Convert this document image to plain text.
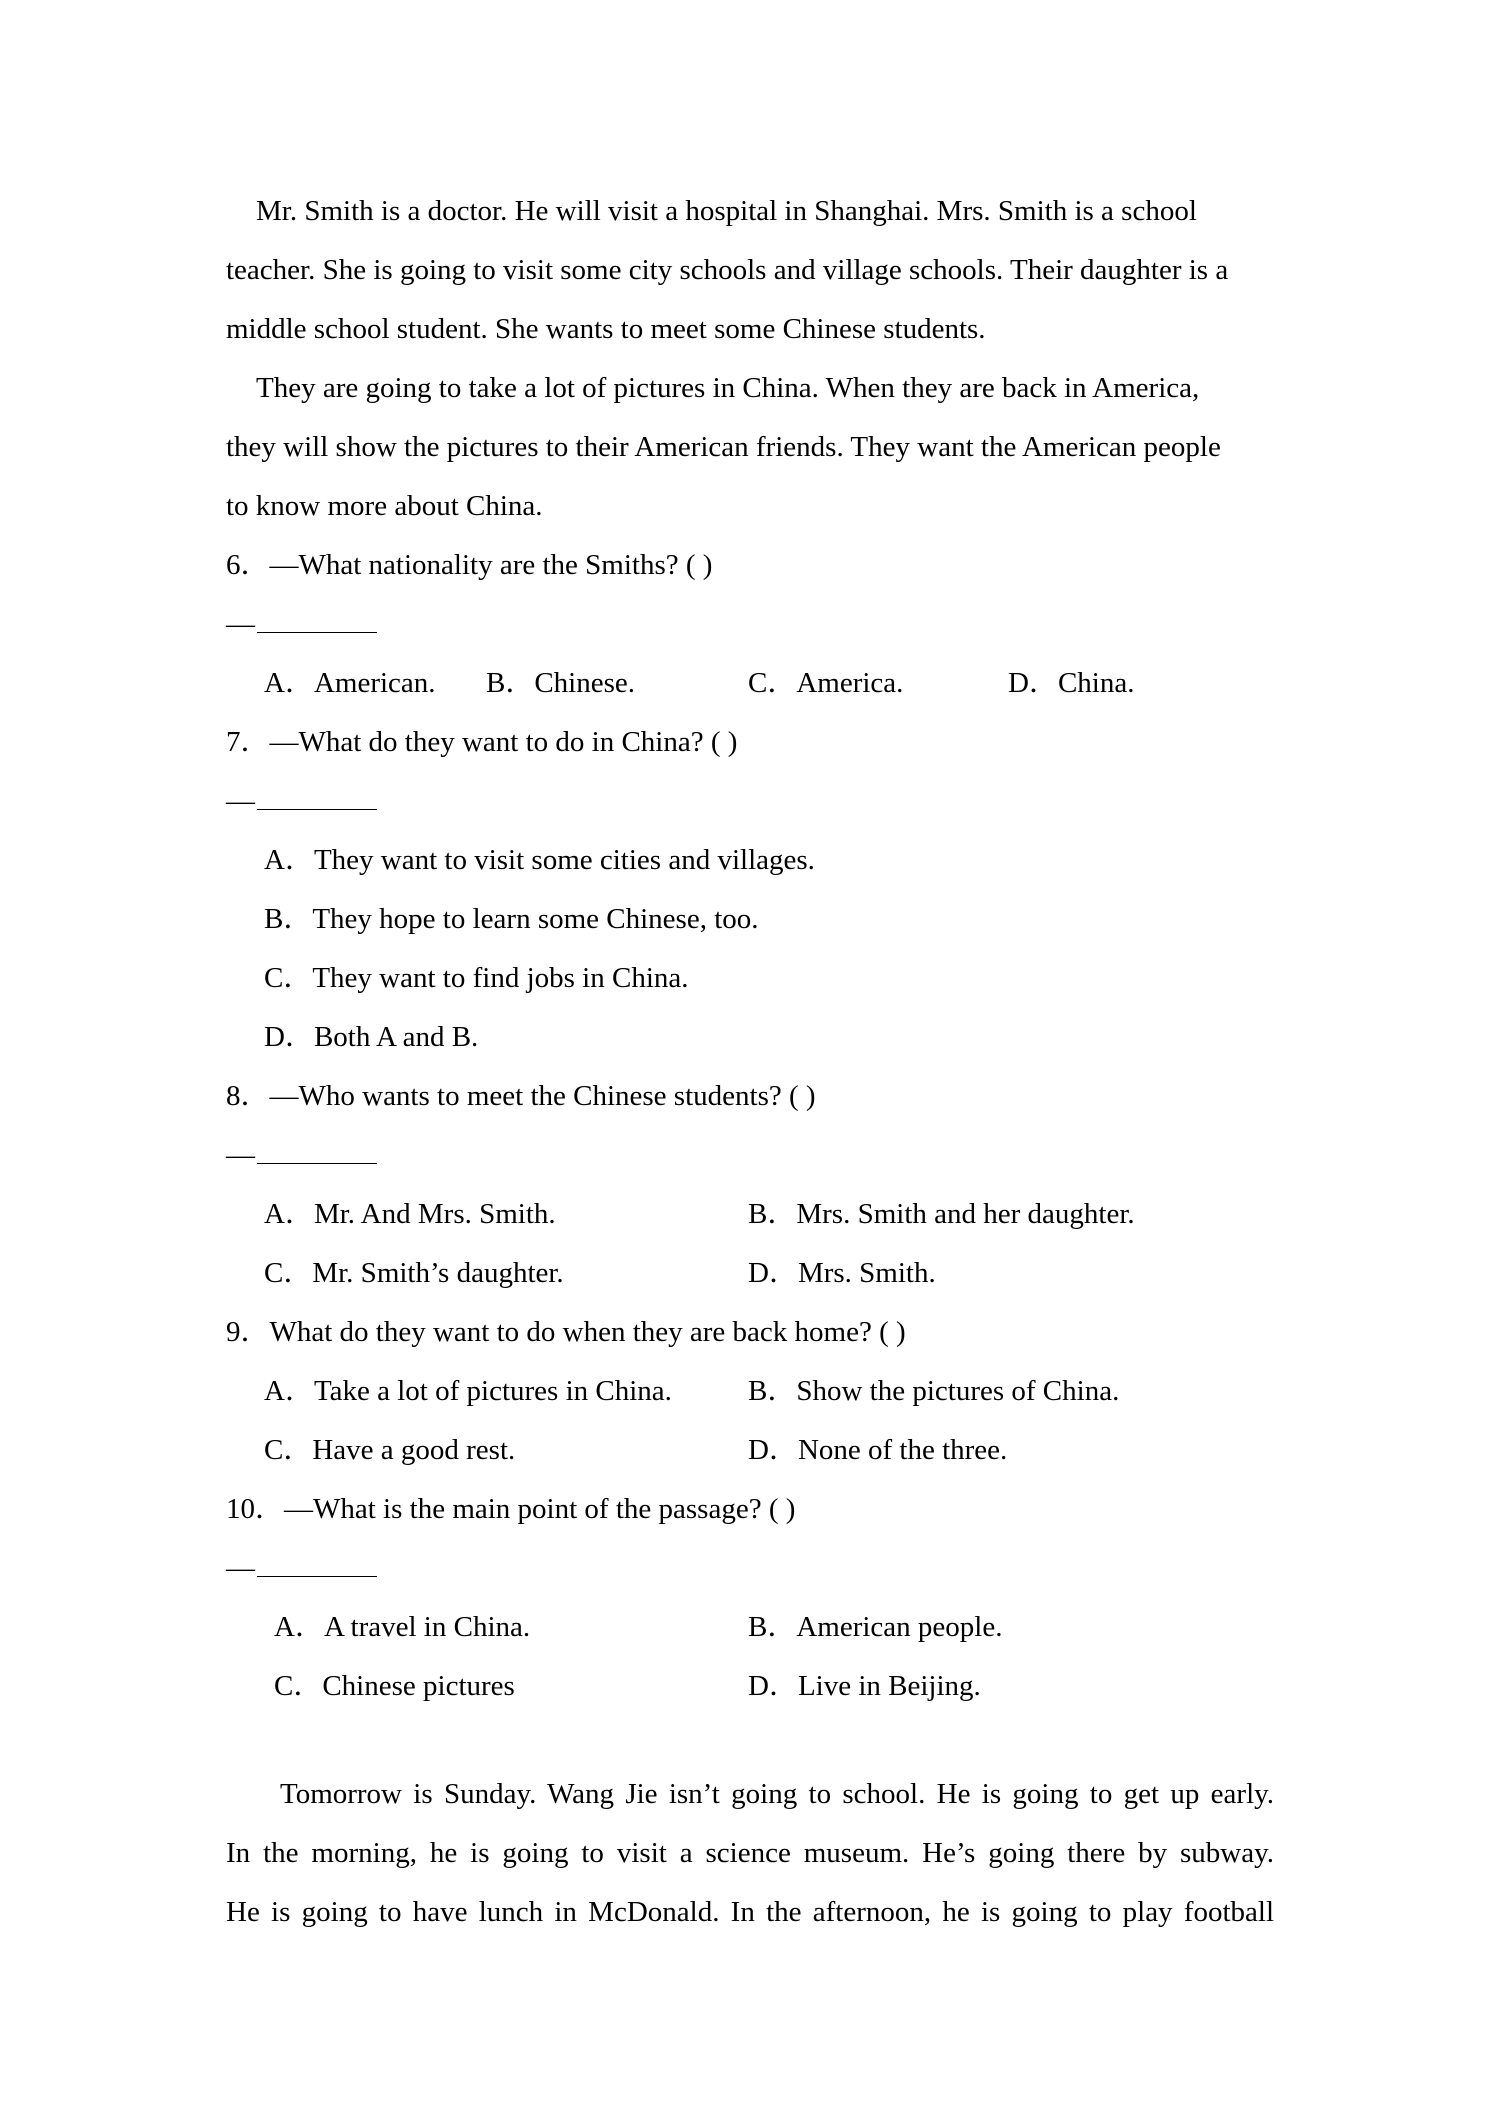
Mr. Smith is a doctor. He will visit a hospital in Shanghai. Mrs. Smith is a school
teacher. She is going to visit some city schools and village schools. Their daughter is a
middle school student. She wants to meet some Chinese students.
They are going to take a lot of pictures in China. When they are back in America,
they will show the pictures to their American friends. They want the American people
to know more about China.
6．—What nationality are the Smiths? ( )
—
A．American. B．Chinese.	C．America.	D．China.
7．—What do they want to do in China? ( )
—
A．They want to visit some cities and villages.
B．They hope to learn some Chinese, too.
C．They want to find jobs in China.
D．Both A and B.
8．—Who wants to meet the Chinese students? ( )
—
A．Mr. And Mrs. Smith.	B．Mrs. Smith and her daughter.
C．Mr. Smith’s daughter.	D．Mrs. Smith.
9．What do they want to do when they are back home? ( )
A．Take a lot of pictures in China.	B．Show the pictures of China.
C．Have a good rest.	D．None of the three.
10．—What is the main point of the passage? ( )
—
A．A travel in China.	B．American people.
C．Chinese pictures	D．Live in Beijing.
Tomorrow is Sunday. Wang Jie isn’t going to school. He is going to get up early.
In the morning, he is going to visit a science museum. He’s going there by subway.
He is going to have lunch in McDonald. In the afternoon, he is going to play football
